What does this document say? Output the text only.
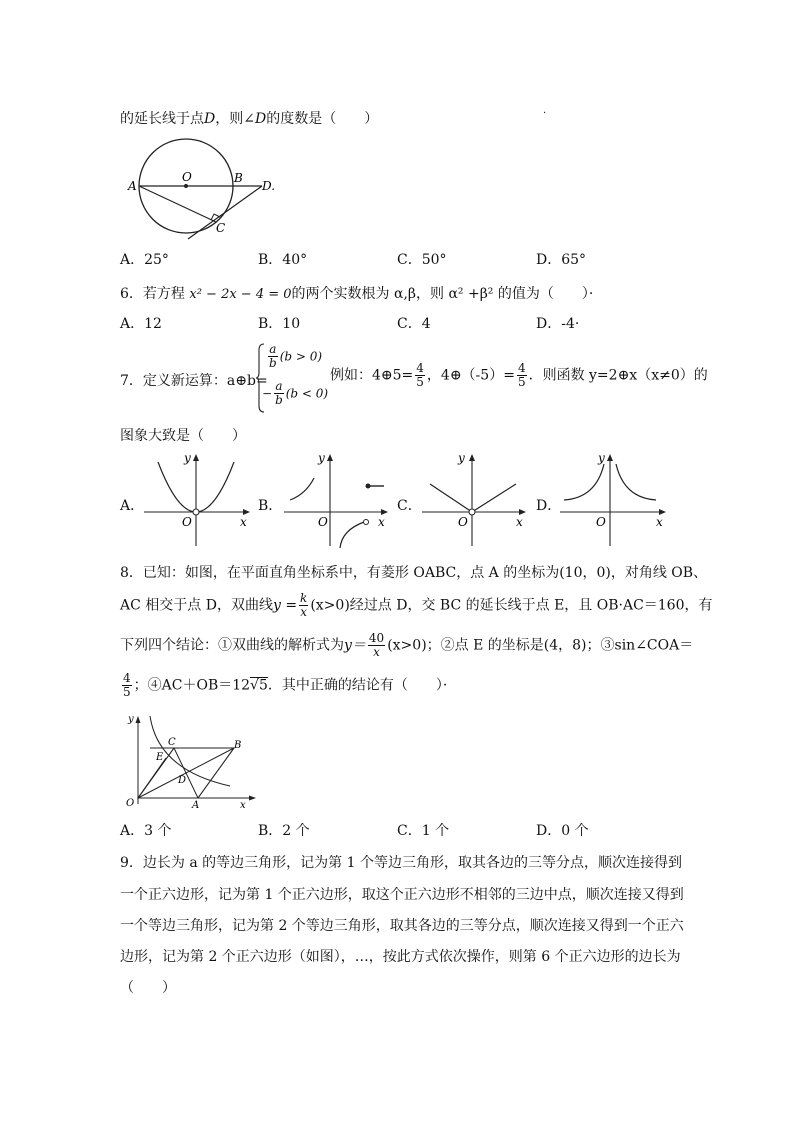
的延长线于点D，则∠D的度数是（　　）	·
A
O	B
D.
C
A．25°	B．40°	C．50°	D．65°
6．若方程 x² − 2x − 4 = 0的两个实数根为 α,β，则 α² +β² 的值为（　　）·
A．12	B．10	C．4	D．-4·
7．定义新运算：a⊕b=
$\frac{a}{b} (b > 0)$
− $\frac{a}{b} (b < 0)$
例如：4⊕5= $\frac{4}{5}$ ，4⊕（-5）= $\frac{4}{5}$ ．则函数 y=2⊕x（x≠0）的
图象大致是（　　）
A．
y
O	x
B．
y
O	x
C．
y
O	x
D．
y
O	x
8．已知：如图，在平面直角坐标系中，有菱形 OABC，点 A 的坐标为(10，0)，对角线 OB、
AC 相交于点 D，双曲线$y = \frac{k}{x} (x>0)$经过点 D，交 BC 的延长线于点 E，且 OB·AC＝160，有
下列四个结论：①双曲线的解析式为$y= \frac{40}{x} (x>0)$；②点 E 的坐标是(4，8)；③sin∠COA＝
$\frac{4}{5}$ ；④AC＋OB＝12√5．其中正确的结论有（　　）·
y
C	B
E
D
O	A	x
A．3 个	B．2 个	C．1 个	D．0 个
9．边长为 a 的等边三角形，记为第 1 个等边三角形，取其各边的三等分点，顺次连接得到
一个正六边形，记为第 1 个正六边形，取这个正六边形不相邻的三边中点，顺次连接又得到
一个等边三角形，记为第 2 个等边三角形，取其各边的三等分点，顺次连接又得到一个正六
边形，记为第 2 个正六边形（如图），…，按此方式依次操作，则第 6 个正六边形的边长为
（　　）
